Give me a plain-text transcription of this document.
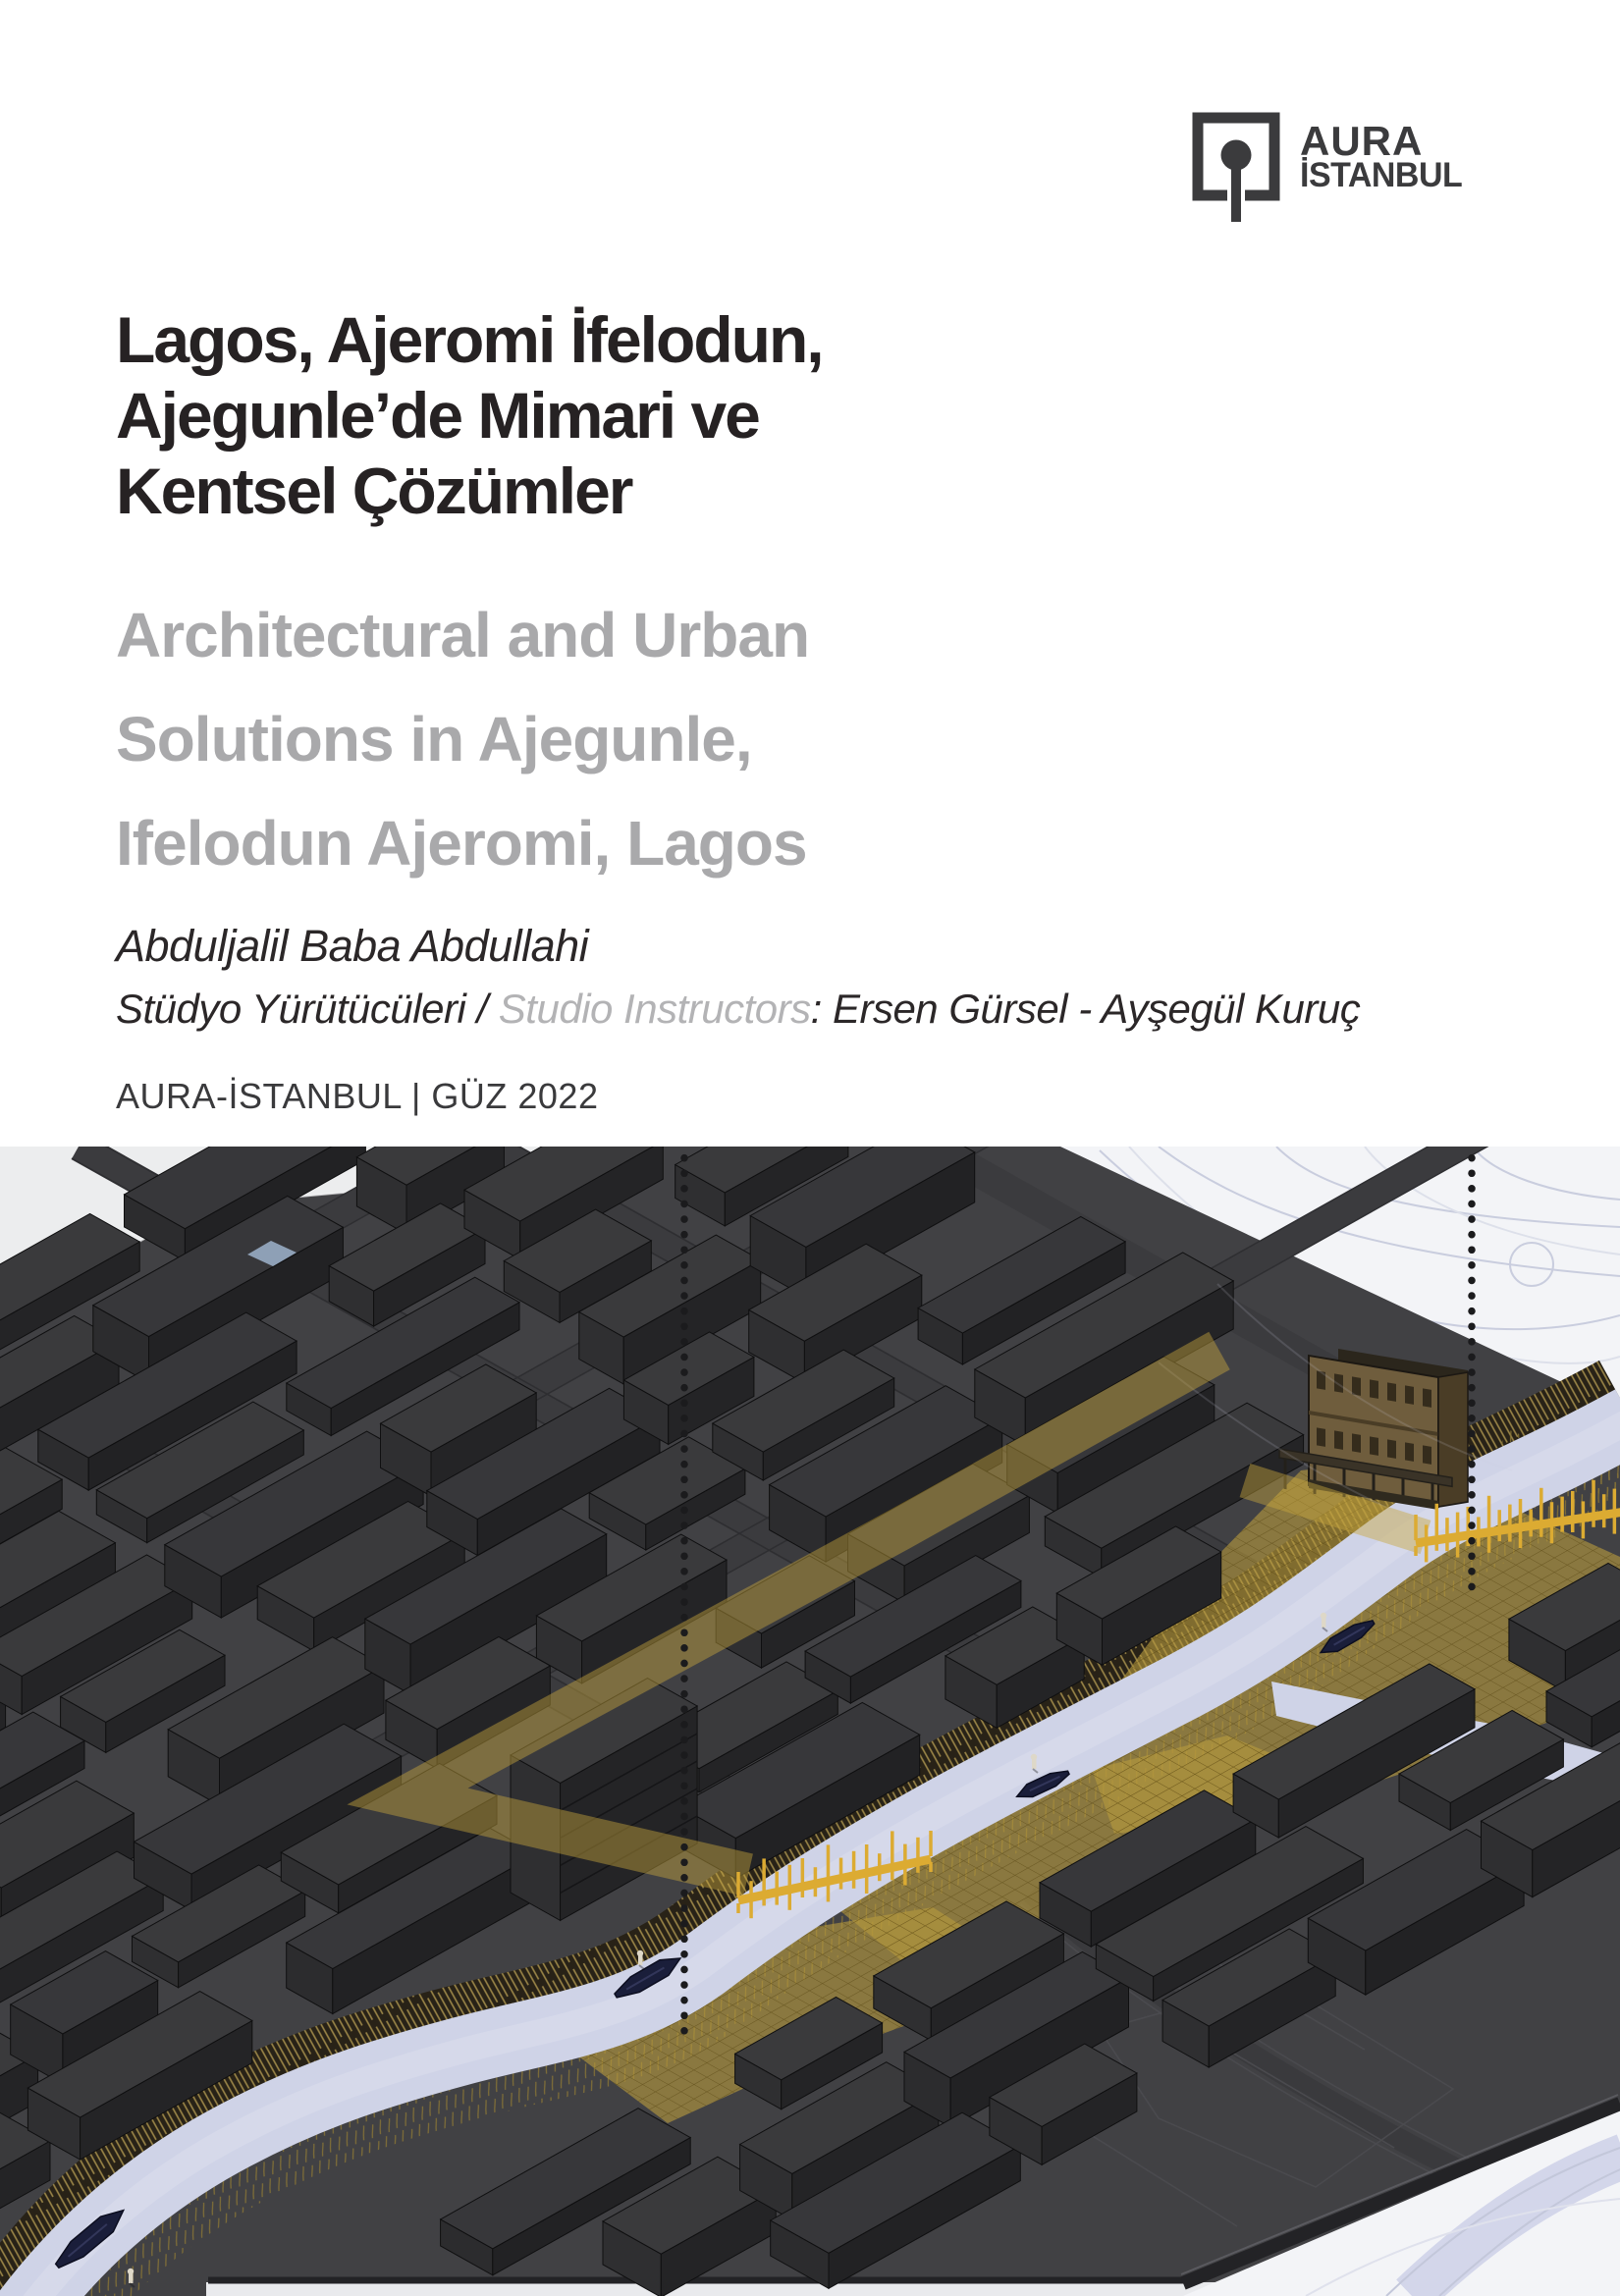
AURA
İSTANBUL
Lagos, Ajeromi İfelodun,
Ajegunle’de Mimari ve
Kentsel Çözümler
Architectural and Urban
Solutions in Ajegunle,
Ifelodun Ajeromi, Lagos
Abduljalil Baba Abdullahi
Stüdyo Yürütücüleri / Studio Instructors: Ersen Gürsel - Ayşegül Kuruç
AURA-İSTANBUL | GÜZ 2022
